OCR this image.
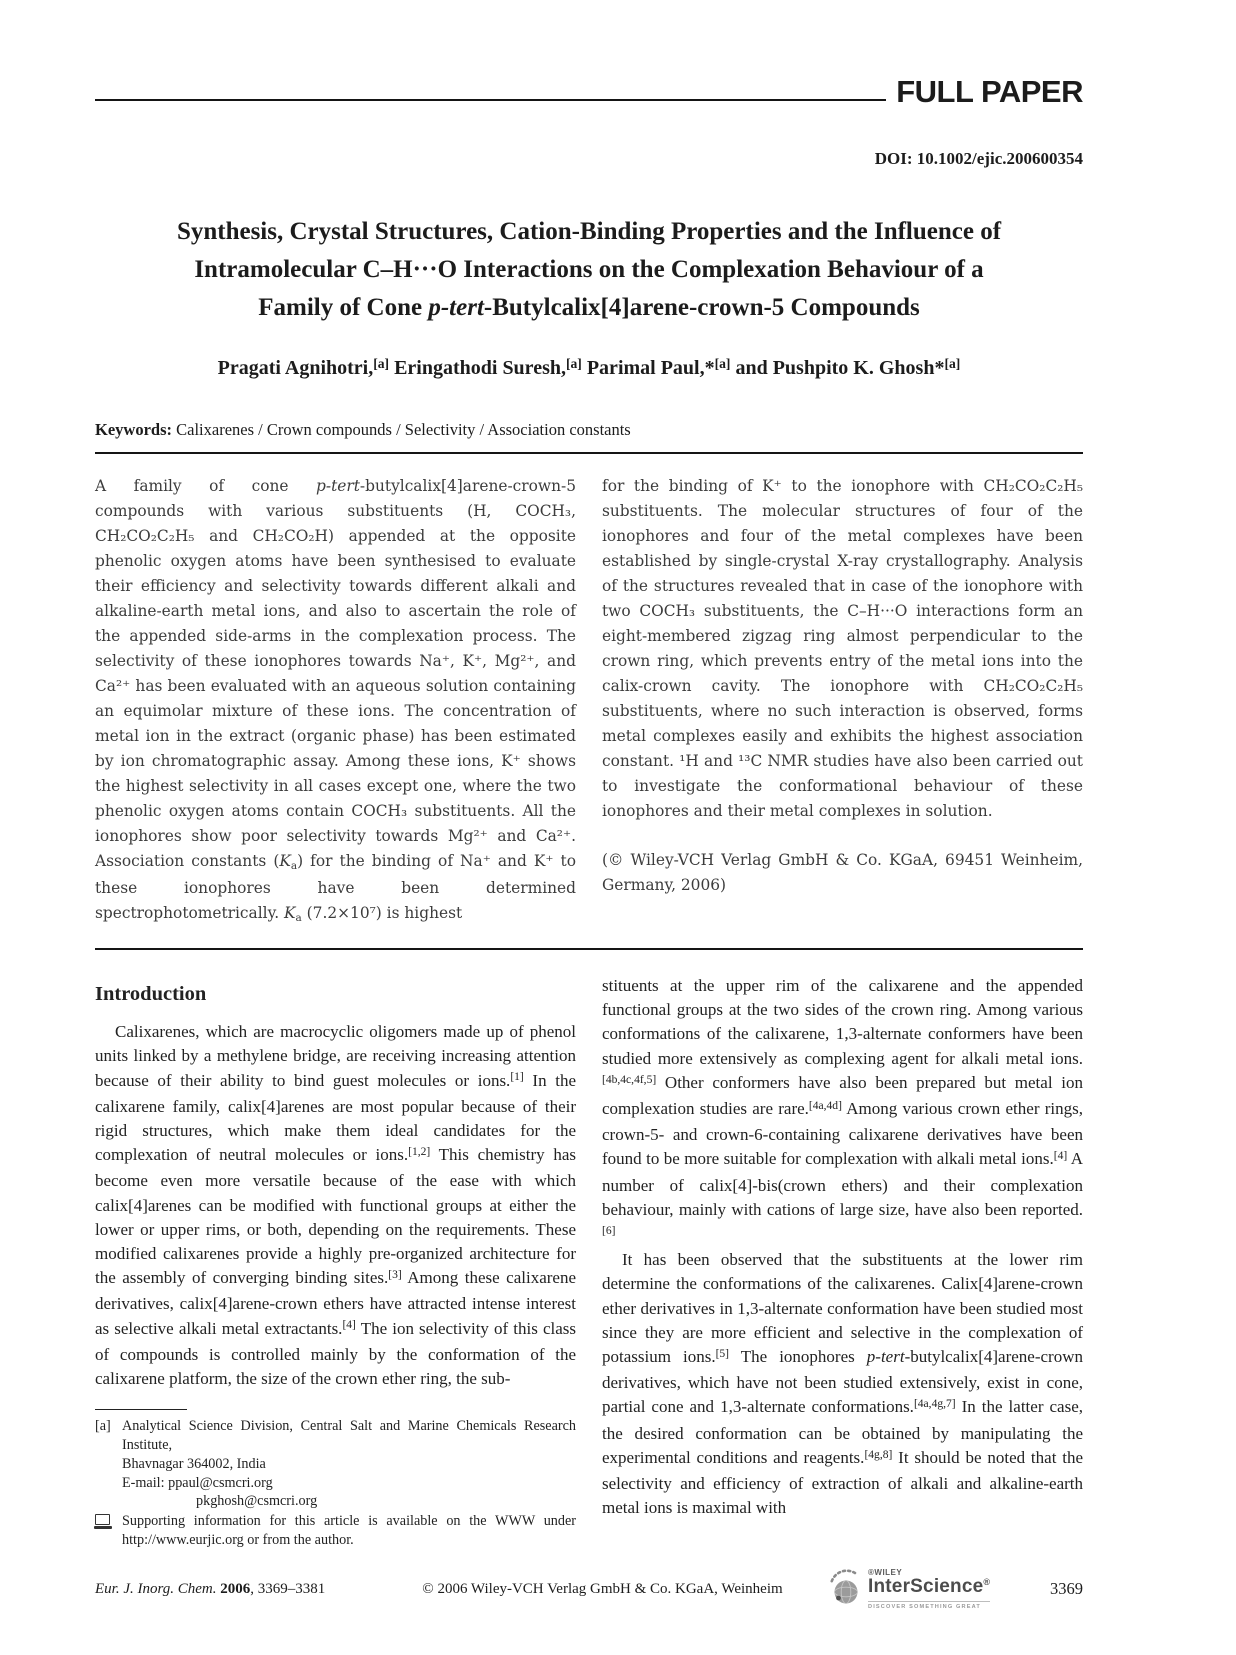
FULL PAPER
DOI: 10.1002/ejic.200600354
Synthesis, Crystal Structures, Cation-Binding Properties and the Influence of
Intramolecular C–H···O Interactions on the Complexation Behaviour of a
Family of Cone p-tert-Butylcalix[4]arene-crown-5 Compounds
Pragati Agnihotri,[a] Eringathodi Suresh,[a] Parimal Paul,*[a] and Pushpito K. Ghosh*[a]
Keywords: Calixarenes / Crown compounds / Selectivity / Association constants

A family of cone p-tert-butylcalix[4]arene-crown-5 compounds with various substituents (H, COCH₃, CH₂CO₂C₂H₅ and CH₂CO₂H) appended at the opposite phenolic oxygen atoms have been synthesised to evaluate their efficiency and selectivity towards different alkali and alkaline-earth metal ions, and also to ascertain the role of the appended side-arms in the complexation process. The selectivity of these ionophores towards Na⁺, K⁺, Mg²⁺, and Ca²⁺ has been evaluated with an aqueous solution containing an equimolar mixture of these ions. The concentration of metal ion in the extract (organic phase) has been estimated by ion chromatographic assay. Among these ions, K⁺ shows the highest selectivity in all cases except one, where the two phenolic oxygen atoms contain COCH₃ substituents. All the ionophores show poor selectivity towards Mg²⁺ and Ca²⁺. Association constants (Ka) for the binding of Na⁺ and K⁺ to these ionophores have been determined spectrophotometrically. Ka (7.2×10⁷) is highest

for the binding of K⁺ to the ionophore with CH₂CO₂C₂H₅ substituents. The molecular structures of four of the ionophores and four of the metal complexes have been established by single-crystal X-ray crystallography. Analysis of the structures revealed that in case of the ionophore with two COCH₃ substituents, the C–H···O interactions form an eight-membered zigzag ring almost perpendicular to the crown ring, which prevents entry of the metal ions into the calix-crown cavity. The ionophore with CH₂CO₂C₂H₅ substituents, where no such interaction is observed, forms metal complexes easily and exhibits the highest association constant. ¹H and ¹³C NMR studies have also been carried out to investigate the conformational behaviour of these ionophores and their metal complexes in solution.

(© Wiley-VCH Verlag GmbH & Co. KGaA, 69451 Weinheim, Germany, 2006)

Introduction

Calixarenes, which are macrocyclic oligomers made up of phenol units linked by a methylene bridge, are receiving increasing attention because of their ability to bind guest molecules or ions.[1] In the calixarene family, calix[4]arenes are most popular because of their rigid structures, which make them ideal candidates for the complexation of neutral molecules or ions.[1,2] This chemistry has become even more versatile because of the ease with which calix[4]arenes can be modified with functional groups at either the lower or upper rims, or both, depending on the requirements. These modified calixarenes provide a highly pre-organized architecture for the assembly of converging binding sites.[3] Among these calixarene derivatives, calix[4]arene-crown ethers have attracted intense interest as selective alkali metal extractants.[4] The ion selectivity of this class of compounds is controlled mainly by the conformation of the calixarene platform, the size of the crown ether ring, the sub-

[a] Analytical Science Division, Central Salt and Marine Chemicals Research Institute,
Bhavnagar 364002, India
E-mail: ppaul@csmcri.org
pkghosh@csmcri.org
Supporting information for this article is available on the WWW under http://www.eurjic.org or from the author.

stituents at the upper rim of the calixarene and the appended functional groups at the two sides of the crown ring. Among various conformations of the calixarene, 1,3-alternate conformers have been studied more extensively as complexing agent for alkali metal ions.[4b,4c,4f,5] Other conformers have also been prepared but metal ion complexation studies are rare.[4a,4d] Among various crown ether rings, crown-5- and crown-6-containing calixarene derivatives have been found to be more suitable for complexation with alkali metal ions.[4] A number of calix[4]-bis(crown ethers) and their complexation behaviour, mainly with cations of large size, have also been reported.[6]

It has been observed that the substituents at the lower rim determine the conformations of the calixarenes. Calix[4]arene-crown ether derivatives in 1,3-alternate conformation have been studied most since they are more efficient and selective in the complexation of potassium ions.[5] The ionophores p-tert-butylcalix[4]arene-crown derivatives, which have not been studied extensively, exist in cone, partial cone and 1,3-alternate conformations.[4a,4g,7] In the latter case, the desired conformation can be obtained by manipulating the experimental conditions and reagents.[4g,8] It should be noted that the selectivity and efficiency of extraction of alkali and alkaline-earth metal ions is maximal with

Eur. J. Inorg. Chem. 2006, 3369–3381	© 2006 Wiley-VCH Verlag GmbH & Co. KGaA, Weinheim
®WILEY
InterScience®
DISCOVER SOMETHING GREAT
3369
